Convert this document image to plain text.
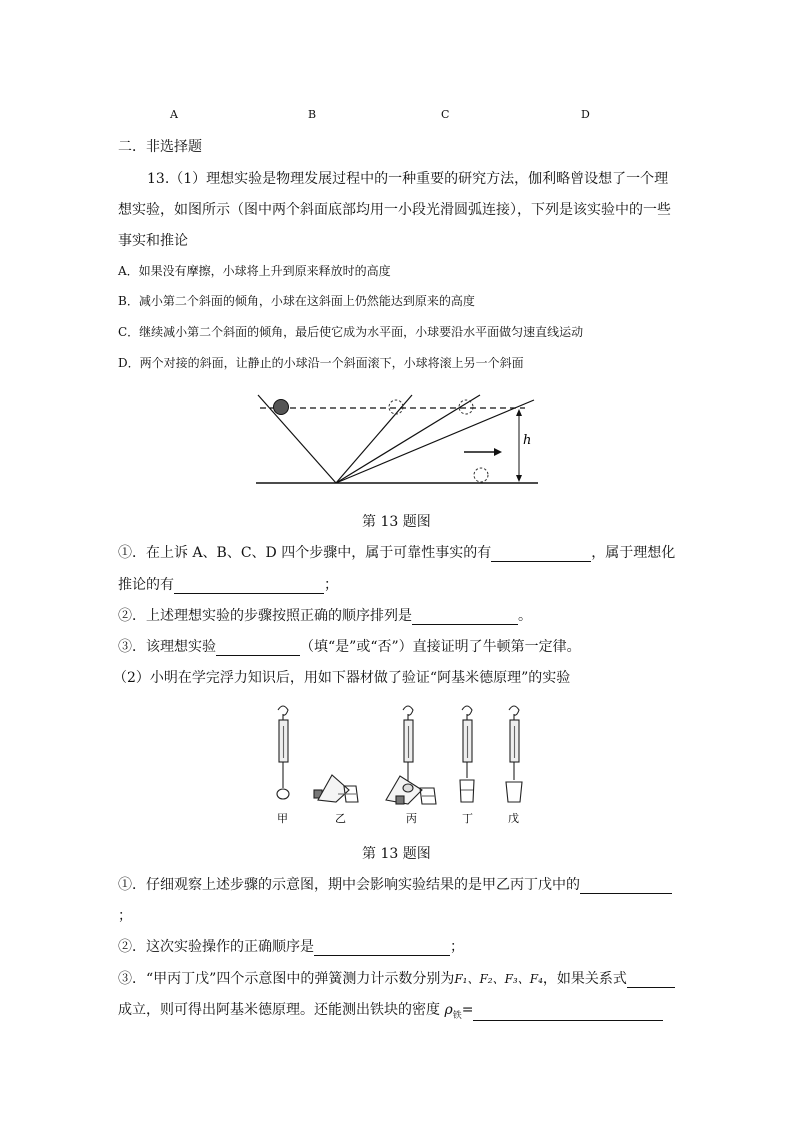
A	B	C	D
二．非选择题
13.（1）理想实验是物理发展过程中的一种重要的研究方法，伽利略曾设想了一个理
想实验，如图所示（图中两个斜面底部均用一小段光滑圆弧连接），下列是该实验中的一些
事实和推论
A．如果没有摩擦，小球将上升到原来释放时的高度
B．减小第二个斜面的倾角，小球在这斜面上仍然能达到原来的高度
C．继续减小第二个斜面的倾角，最后使它成为水平面，小球要沿水平面做匀速直线运动
D．两个对接的斜面，让静止的小球沿一个斜面滚下，小球将滚上另一个斜面
h
第 13 题图
①．在上诉 A、B、C、D 四个步骤中，属于可靠性事实的有	，属于理想化
推论的有	；
②．上述理想实验的步骤按照正确的顺序排列是	。
③．该理想实验	（填“是”或“否”）直接证明了牛顿第一定律。
（2）小明在学完浮力知识后，用如下器材做了验证“阿基米德原理”的实验
甲	乙	丙	丁	戊
第 13 题图
①．仔细观察上述步骤的示意图，期中会影响实验结果的是甲乙丙丁戊中的
；
②．这次实验操作的正确顺序是	；
③．“甲丙丁戊”四个示意图中的弹簧测力计示数分别为F₁、F₂、F₃、F₄，如果关系式
成立，则可得出阿基米德原理。还能测出铁块的密度 $\rho_铁=$
